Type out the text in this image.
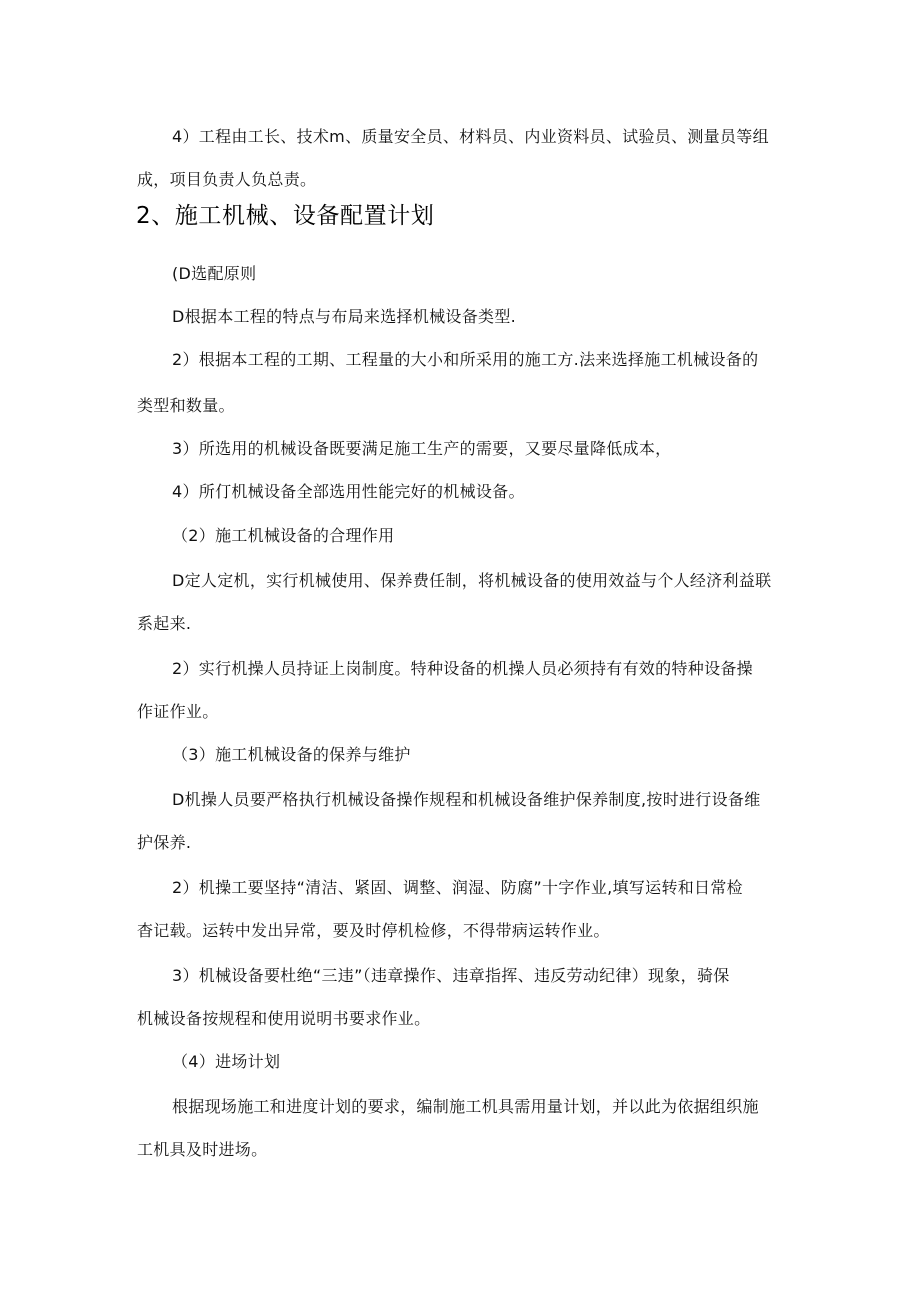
4）工程由工长、技术m、质量安全员、材料员、内业资料员、试验员、测量员等组
成，项目负责人负总责。
2、施工机械、设备配置计划
(D选配原则
D根据本工程的特点与布局来选择机械设备类型.
2）根据本工程的工期、工程量的大小和所采用的施工方.法来选择施工机械设备的
类型和数量。
3）所选用的机械设备既要满足施工生产的需要，又要尽量降低成本，
4）所仃机械设备全部选用性能完好的机械设备。
（2）施工机械设备的合理作用
D定人定机，实行机械使用、保养费任制，将机械设备的使用效益与个人经济利益联
系起来.
2）实行机操人员持证上岗制度。特种设备的机操人员必须持有有效的特种设备操
作证作业。
（3）施工机械设备的保养与维护
D机操人员要严格执行机械设备操作规程和机械设备维护保养制度,按时进行设备维
护保养.
2）机操工要坚持“清洁、紧固、调整、润湿、防腐”十字作业,填写运转和日常检
杳记载。运转中发出异常，要及时停机检修，不得带病运转作业。
3）机械设备要杜绝“三违”（违章操作、违章指挥、违反劳动纪律）现象，骑保
机械设备按规程和使用说明书要求作业。
（4）进场计划
根据现场施工和进度计划的要求，编制施工机具需用量计划，并以此为依据组织施
工机具及时进场。
